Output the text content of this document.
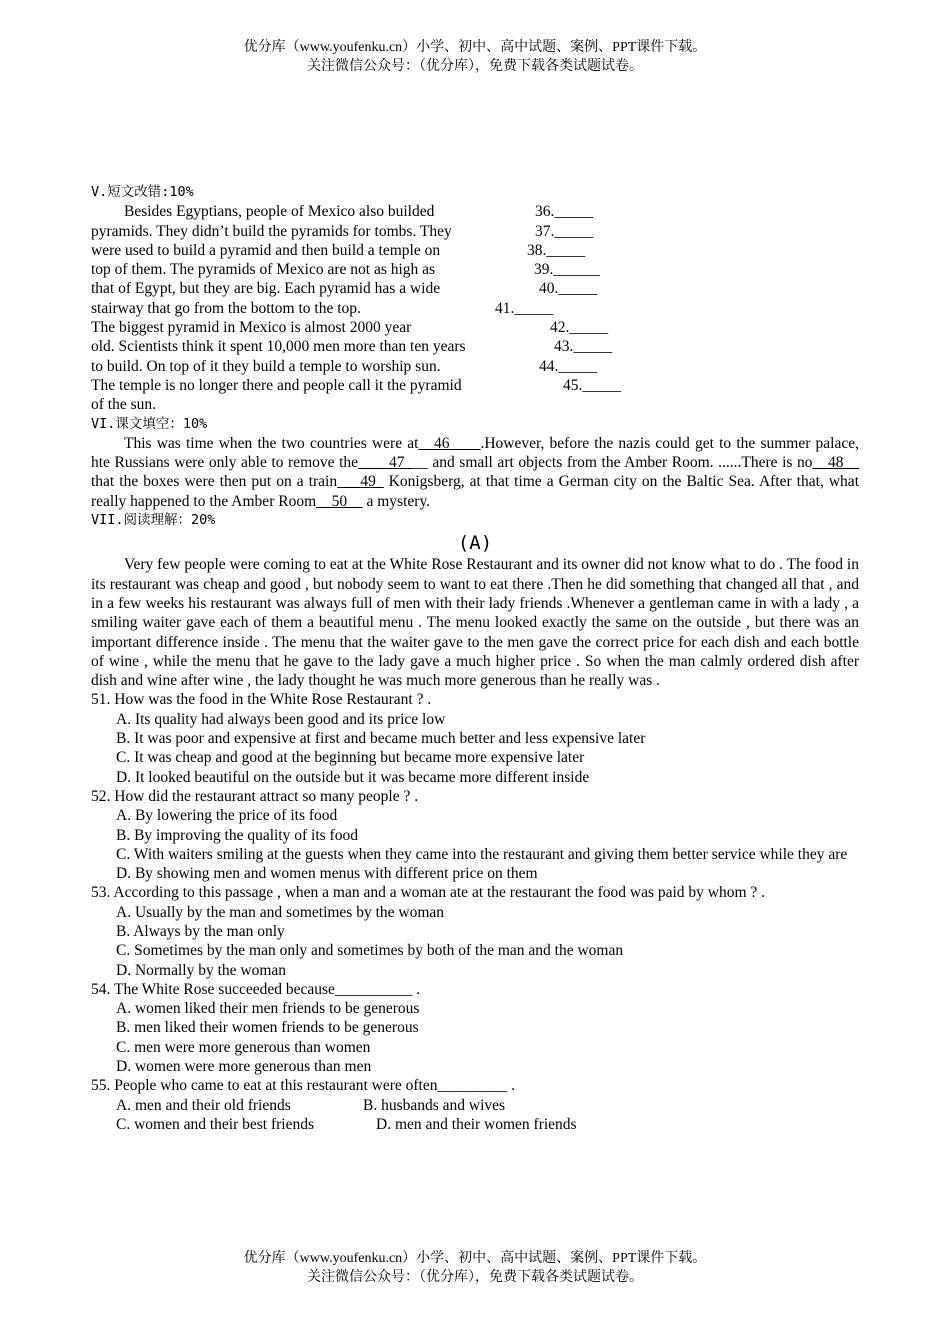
优分库（www.youfenku.cn）小学、初中、高中试题、案例、PPT课件下载。
关注微信公众号：（优分库），免费下载各类试题试卷。
V.短文改错:10%
Besides Egyptians, people of Mexico also builded	36._____
pyramids. They didn’t build the pyramids for tombs. They	37._____
were used to build a pyramid and then build a temple on	38._____
top of them. The pyramids of Mexico are not as high as	39.______
that of Egypt, but they are big. Each pyramid has a wide	40._____
stairway that go from the bottom to the top.	41._____
The biggest pyramid in Mexico is almost 2000 year	42._____
old. Scientists think it spent 10,000 men more than ten years	43._____
to build. On top of it they build a temple to worship sun.	44._____
The temple is no longer there and people call it the pyramid	45._____
of the sun.
VI.课文填空：10%
This was time when the two countries were at__46____.However, before the nazis could get to the summer palace, hte Russians were only able to remove the____47___ and small art objects from the Amber Room. ......There is no__48__ that the boxes were then put on a train___49_ Konigsberg, at that time a German city on the Baltic Sea. After that, what really happened to the Amber Room__50__ a mystery.
VII.阅读理解：20%
(A)
Very few people were coming to eat at the White Rose Restaurant and its owner did not know what to do . The food in its restaurant was cheap and good , but nobody seem to want to eat there .Then he did something that changed all that , and in a few weeks his restaurant was always full of men with their lady friends .Whenever a gentleman came in with a lady , a smiling waiter gave each of them a beautiful menu . The menu looked exactly the same on the outside , but there was an important difference inside . The menu that the waiter gave to the men gave the correct price for each dish and each bottle of wine , while the menu that he gave to the lady gave a much higher price . So when the man calmly ordered dish after dish and wine after wine , the lady thought he was much more generous than he really was .
51. How was the food in the White Rose Restaurant ? .
A. Its quality had always been good and its price low
B. It was poor and expensive at first and became much better and less expensive later
C. It was cheap and good at the beginning but became more expensive later
D. It looked beautiful on the outside but it was became more different inside
52. How did the restaurant attract so many people ? .
A. By lowering the price of its food
B. By improving the quality of its food
C. With waiters smiling at the guests when they came into the restaurant and giving them better service while they are
D. By showing men and women menus with different price on them
53. According to this passage , when a man and a woman ate at the restaurant the food was paid by whom ? .
A. Usually by the man and sometimes by the woman
B. Always by the man only
C. Sometimes by the man only and sometimes by both of the man and the woman
D. Normally by the woman
54. The White Rose succeeded because__________ .
A. women liked their men friends to be generous
B. men liked their women friends to be generous
C. men were more generous than women
D. women were more generous than men
55. People who came to eat at this restaurant were often_________ .
A. men and their old friends	B. husbands and wives
C. women and their best friends	D. men and their women friends
优分库（www.youfenku.cn）小学、初中、高中试题、案例、PPT课件下载。
关注微信公众号：（优分库），免费下载各类试题试卷。
